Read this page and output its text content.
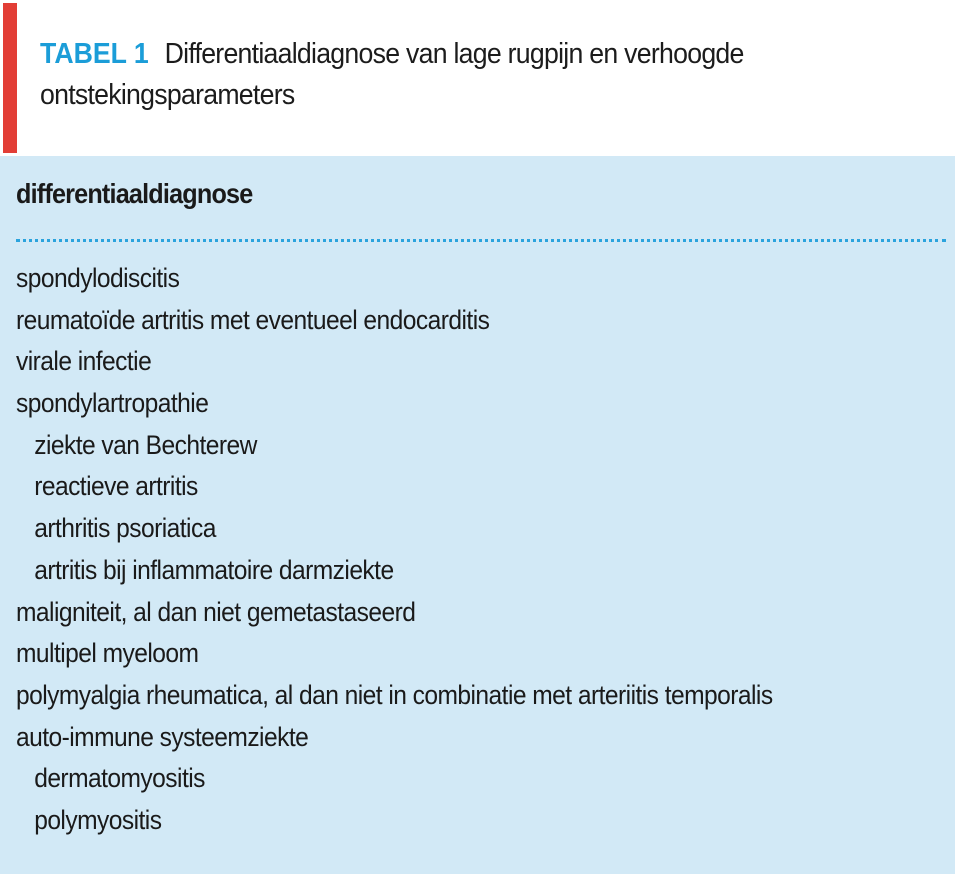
TABEL 1 Differentiaaldiagnose van lage rugpijn en verhoogde ontstekingsparameters
differentiaaldiagnose
spondylodiscitis
reumatoïde artritis met eventueel endocarditis
virale infectie
spondylartropathie
ziekte van Bechterew
reactieve artritis
arthritis psoriatica
artritis bij inflammatoire darmziekte
maligniteit, al dan niet gemetastaseerd
multipel myeloom
polymyalgia rheumatica, al dan niet in combinatie met arteriitis temporalis
auto-immune systeemziekte
dermatomyositis
polymyositis
